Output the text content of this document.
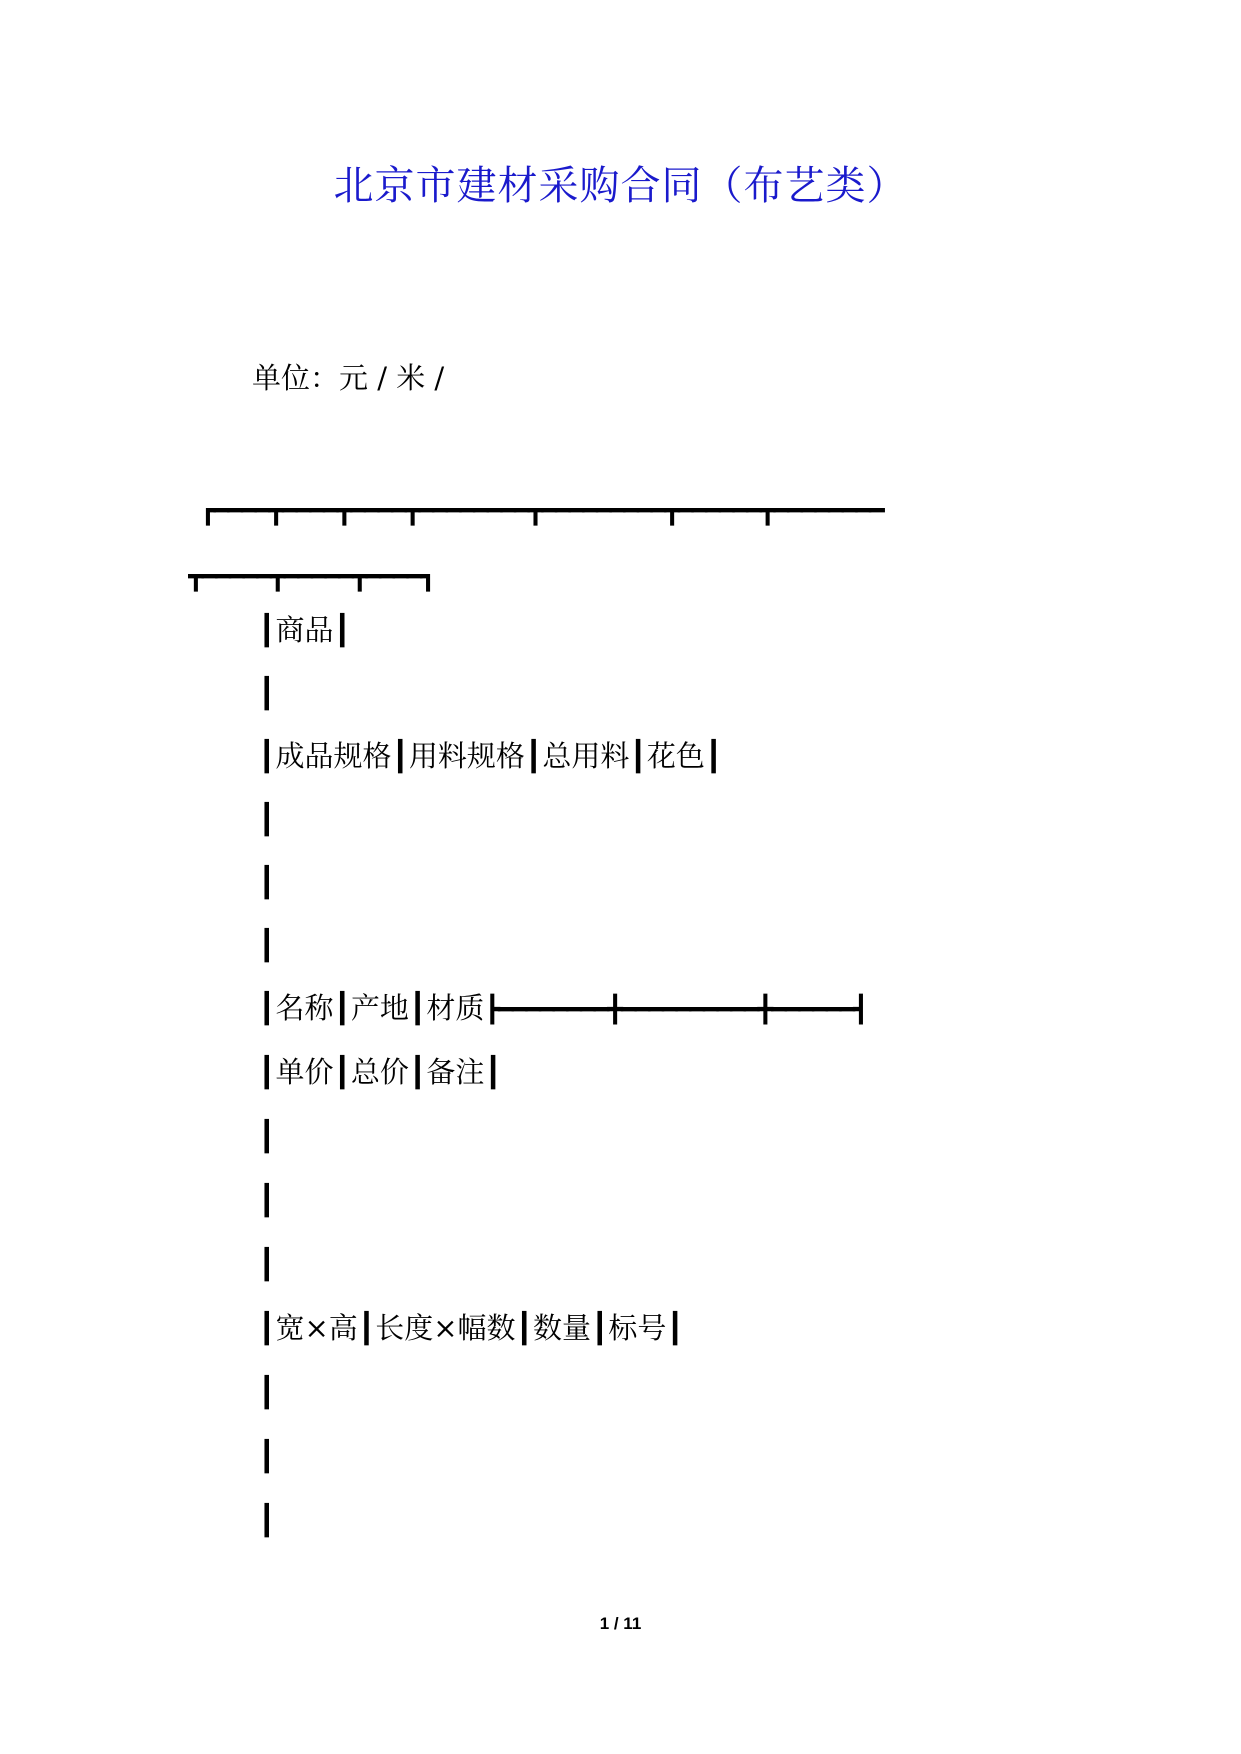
北京市建材采购合同（布艺类）
单位：元 / 米 /
┏━━━━┳━━━━┳━━━━┳━━━━━━━━┳━━━━━━━━━┳━━━━━━┳━━━━━━━━
┳━━━━━┳━━━━━┳━━━━┓
┃商品┃
┃
┃成品规格┃用料规格┃总用料┃花色┃
┃
┃
┃
┃名称┃产地┃材质┣━━━━━━━━╋━━━━━━━━━━╋━━━━━━┫
┃单价┃总价┃备注┃
┃
┃
┃
┃宽×高┃长度×幅数┃数量┃标号┃
┃
┃
┃
1 / 11
